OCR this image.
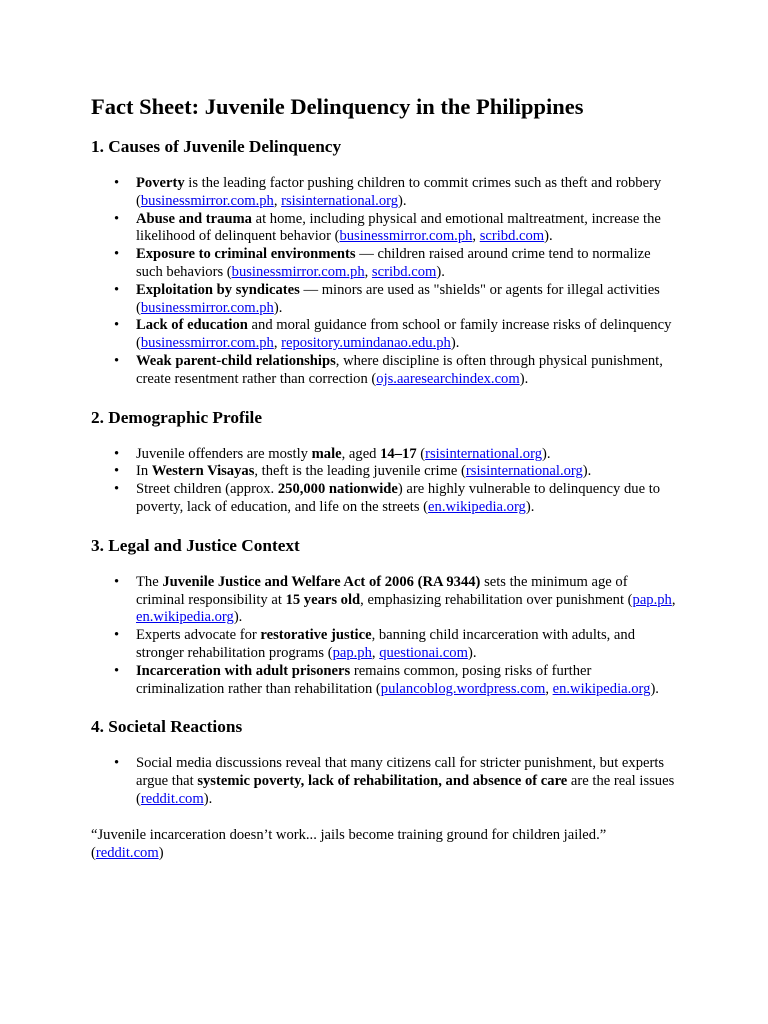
Fact Sheet: Juvenile Delinquency in the Philippines
1. Causes of Juvenile Delinquency
• Poverty is the leading factor pushing children to commit crimes such as theft and robbery (businessmirror.com.ph, rsisinternational.org).
• Abuse and trauma at home, including physical and emotional maltreatment, increase the likelihood of delinquent behavior (businessmirror.com.ph, scribd.com).
• Exposure to criminal environments — children raised around crime tend to normalize such behaviors (businessmirror.com.ph, scribd.com).
• Exploitation by syndicates — minors are used as "shields" or agents for illegal activities (businessmirror.com.ph).
• Lack of education and moral guidance from school or family increase risks of delinquency (businessmirror.com.ph, repository.umindanao.edu.ph).
• Weak parent-child relationships, where discipline is often through physical punishment, create resentment rather than correction (ojs.aaresearchindex.com).
2. Demographic Profile
• Juvenile offenders are mostly male, aged 14–17 (rsisinternational.org).
• In Western Visayas, theft is the leading juvenile crime (rsisinternational.org).
• Street children (approx. 250,000 nationwide) are highly vulnerable to delinquency due to poverty, lack of education, and life on the streets (en.wikipedia.org).
3. Legal and Justice Context
• The Juvenile Justice and Welfare Act of 2006 (RA 9344) sets the minimum age of criminal responsibility at 15 years old, emphasizing rehabilitation over punishment (pap.ph, en.wikipedia.org).
• Experts advocate for restorative justice, banning child incarceration with adults, and stronger rehabilitation programs (pap.ph, questionai.com).
• Incarceration with adult prisoners remains common, posing risks of further criminalization rather than rehabilitation (pulancoblog.wordpress.com, en.wikipedia.org).
4. Societal Reactions
• Social media discussions reveal that many citizens call for stricter punishment, but experts argue that systemic poverty, lack of rehabilitation, and absence of care are the real issues (reddit.com).

“Juvenile incarceration doesn’t work... jails become training ground for children jailed.” (reddit.com)
